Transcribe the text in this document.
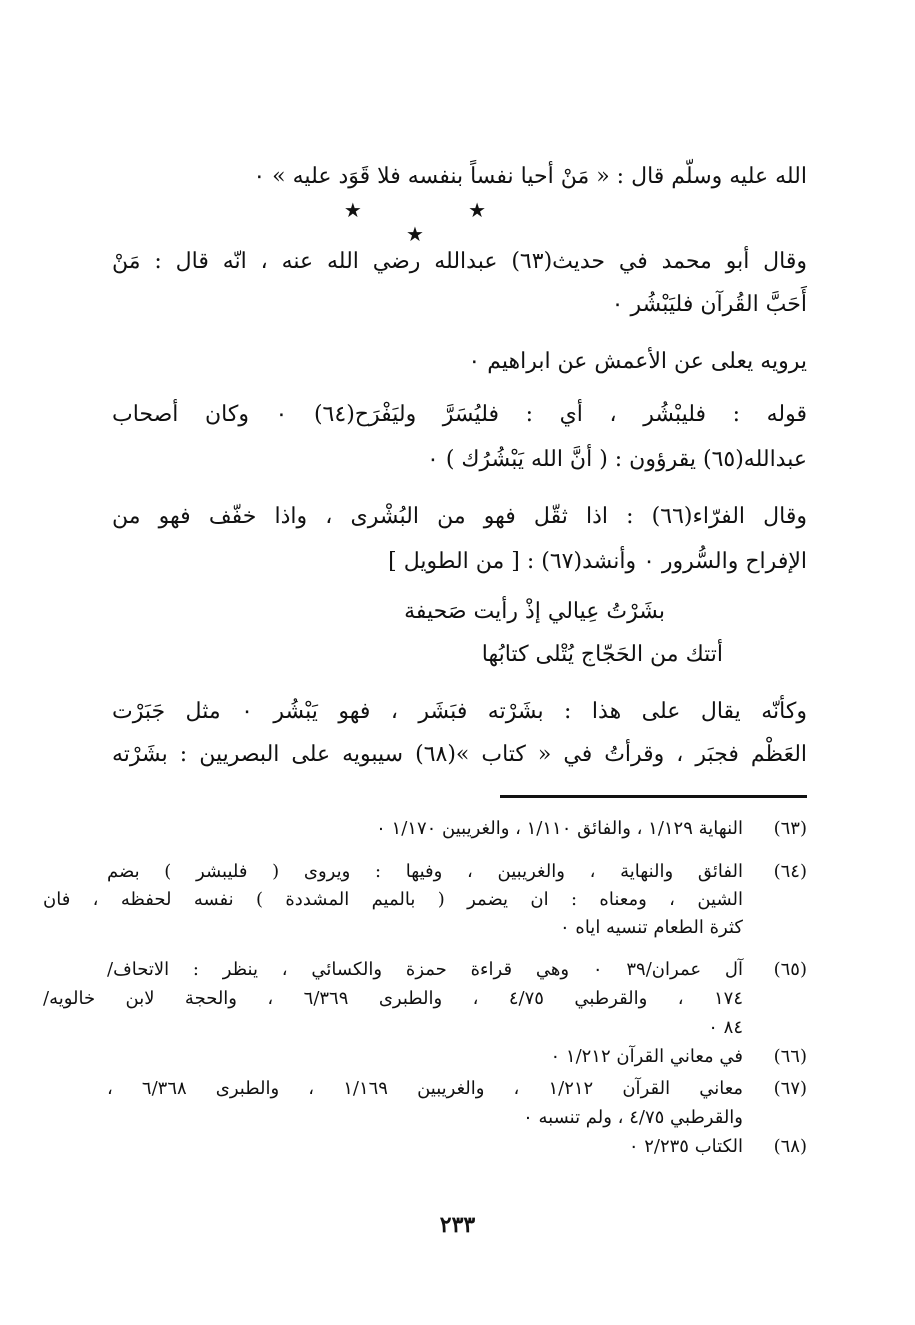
الله عليه وسلّم قال : « مَنْ أحيا نفساً بنفسه فلا قَوَد عليه » ٠
★ ★ ★
وقال أبو محمد في حديث(٦٣) عبدالله رضي الله عنه ، انّه قال : مَنْ
أَحَبَّ القُرآن فليَبْشُر ٠
يرويه يعلى عن الأعمش عن ابراهيم ٠
قوله : فليبْشُر ، أي : فليُسَرَّ وليَفْرَح(٦٤) ٠ وكان أصحاب
عبدالله(٦٥) يقرؤون : ( أنَّ الله يَبْشُرُك ) ٠
وقال الفرّاء(٦٦) : اذا ثقّل فهو من البُشْرى ، واذا خفّف فهو من
الإفراح والسُّرور ٠ وأنشد(٦٧) : [ من الطويل ]
بشَرْتُ عِيالي إذْ رأيت صَحيفة
أتتك من الحَجّاج يُتْلى كتابُها
وكأنّه يقال على هذا : بشَرْته فبَشَر ، فهو يَبْشُر ٠ مثل جَبَرْت
العَظْم فجبَر ، وقرأتُ في « كتاب »(٦٨) سيبويه على البصريين : بشَرْته
(٦٣)النهاية ١/١٢٩ ، والفائق ١/١١٠ ، والغريبين ١/١٧٠ ٠
(٦٤)الفائق والنهاية ، والغريبين ، وفيها : ويروى ( فليبشر ) بضم
الشين ، ومعناه : ان يضمر ( بالميم المشددة ) نفسه لحفظه ، فان
كثرة الطعام تنسيه اياه ٠
(٦٥)آل عمران/٣٩ ٠ وهي قراءة حمزة والكسائي ، ينظر : الاتحاف/
١٧٤ ، والقرطبي ٤/٧٥ ، والطبرى ٦/٣٦٩ ، والحجة لابن خالويه/
٨٤ ٠
(٦٦)في معاني القرآن ١/٢١٢ ٠
(٦٧)معاني القرآن ١/٢١٢ ، والغريبين ١/١٦٩ ، والطبرى ٦/٣٦٨ ،
والقرطبي ٤/٧٥ ، ولم تنسبه ٠
(٦٨)الكتاب ٢/٢٣٥ ٠
٢٣٣
